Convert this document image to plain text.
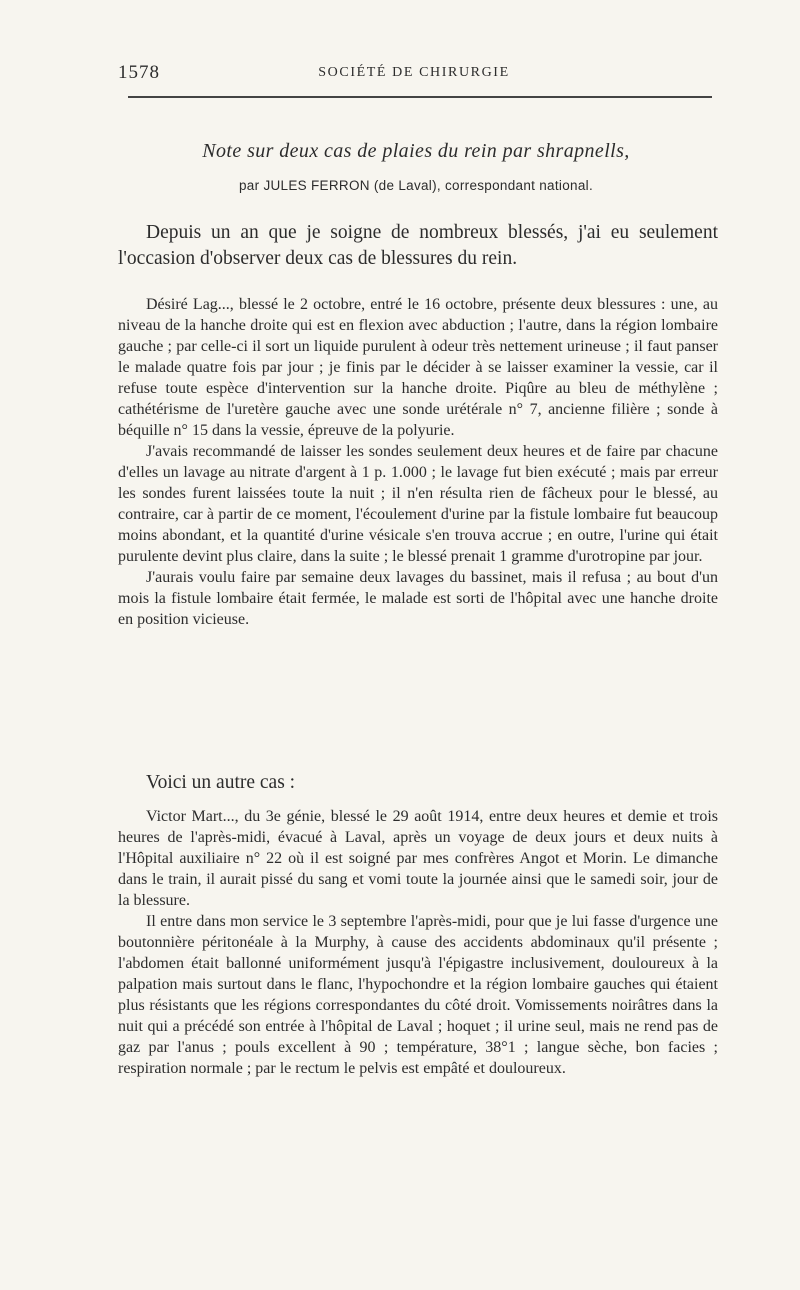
1578	SOCIÉTÉ DE CHIRURGIE
Note sur deux cas de plaies du rein par shrapnells,
par JULES FERRON (de Laval), correspondant national.

Depuis un an que je soigne de nombreux blessés, j'ai eu seulement l'occasion d'observer deux cas de blessures du rein.

Désiré Lag..., blessé le 2 octobre, entré le 16 octobre, présente deux blessures : une, au niveau de la hanche droite qui est en flexion avec abduction ; l'autre, dans la région lombaire gauche ; par celle-ci il sort un liquide purulent à odeur très nettement urineuse ; il faut panser le malade quatre fois par jour ; je finis par le décider à se laisser examiner la vessie, car il refuse toute espèce d'intervention sur la hanche droite. Piqûre au bleu de méthylène ; cathétérisme de l'uretère gauche avec une sonde urétérale n° 7, ancienne filière ; sonde à béquille n° 15 dans la vessie, épreuve de la polyurie.

J'avais recommandé de laisser les sondes seulement deux heures et de faire par chacune d'elles un lavage au nitrate d'argent à 1 p. 1.000 ; le lavage fut bien exécuté ; mais par erreur les sondes furent laissées toute la nuit ; il n'en résulta rien de fâcheux pour le blessé, au contraire, car à partir de ce moment, l'écoulement d'urine par la fistule lombaire fut beaucoup moins abondant, et la quantité d'urine vésicale s'en trouva accrue ; en outre, l'urine qui était purulente devint plus claire, dans la suite ; le blessé prenait 1 gramme d'urotropine par jour.

J'aurais voulu faire par semaine deux lavages du bassinet, mais il refusa ; au bout d'un mois la fistule lombaire était fermée, le malade est sorti de l'hôpital avec une hanche droite en position vicieuse.

Voici un autre cas :

Victor Mart..., du 3e génie, blessé le 29 août 1914, entre deux heures et demie et trois heures de l'après-midi, évacué à Laval, après un voyage de deux jours et deux nuits à l'Hôpital auxiliaire n° 22 où il est soigné par mes confrères Angot et Morin. Le dimanche dans le train, il aurait pissé du sang et vomi toute la journée ainsi que le samedi soir, jour de la blessure.

Il entre dans mon service le 3 septembre l'après-midi, pour que je lui fasse d'urgence une boutonnière péritonéale à la Murphy, à cause des accidents abdominaux qu'il présente ; l'abdomen était ballonné uniformément jusqu'à l'épigastre inclusivement, douloureux à la palpation mais surtout dans le flanc, l'hypochondre et la région lombaire gauches qui étaient plus résistants que les régions correspondantes du côté droit. Vomissements noirâtres dans la nuit qui a précédé son entrée à l'hôpital de Laval ; hoquet ; il urine seul, mais ne rend pas de gaz par l'anus ; pouls excellent à 90 ; température, 38°1 ; langue sèche, bon facies ; respiration normale ; par le rectum le pelvis est empâté et douloureux.
